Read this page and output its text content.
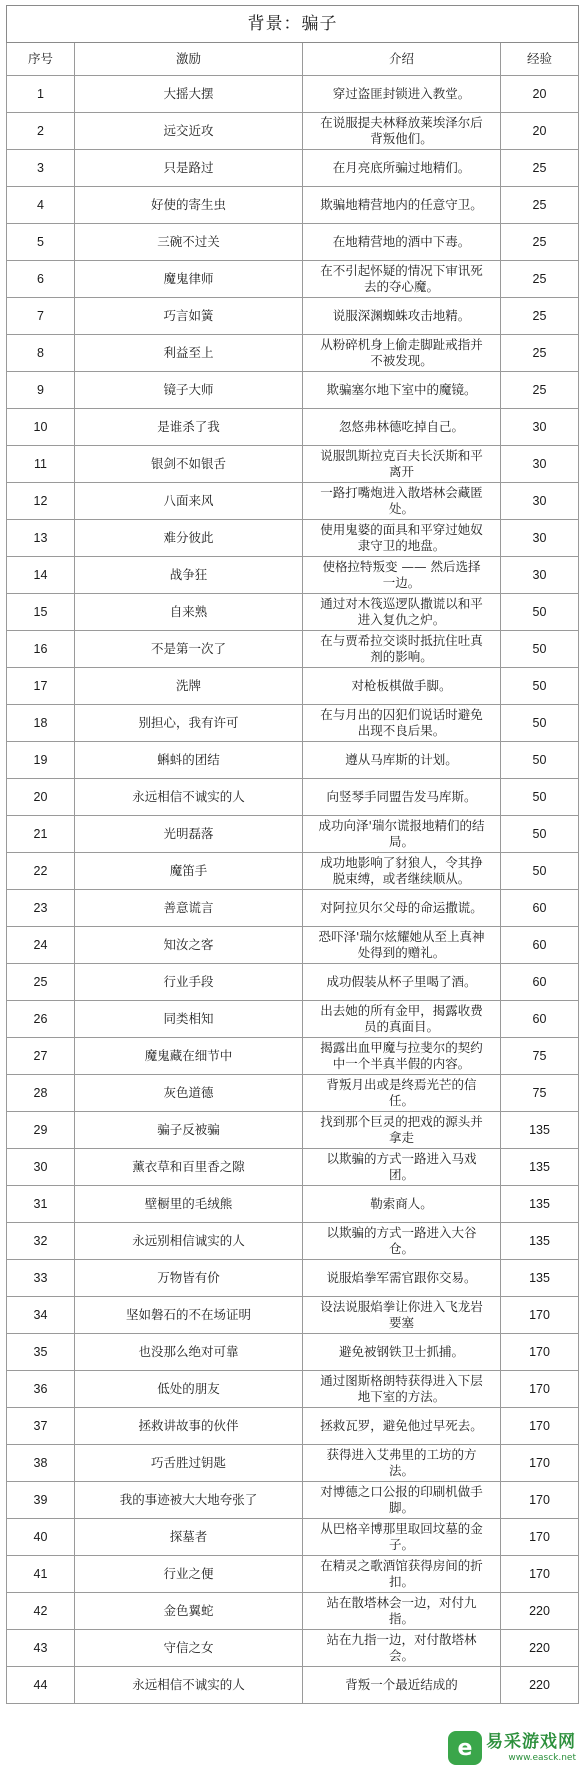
背景：骗子			
序号	激励	介绍	经验
1	大摇大摆	穿过盗匪封锁进入教堂。	20
2	远交近攻	在说服提夫林释放莱埃泽尔后背叛他们。	20
3	只是路过	在月亮底所骗过地精们。	25
4	好使的寄生虫	欺骗地精营地内的任意守卫。	25
5	三碗不过关	在地精营地的酒中下毒。	25
6	魔鬼律师	在不引起怀疑的情况下审讯死去的夺心魔。	25
7	巧言如簧	说服深渊蜘蛛攻击地精。	25
8	利益至上	从粉碎机身上偷走脚趾戒指并不被发现。	25
9	镜子大师	欺骗塞尔地下室中的魔镜。	25
10	是谁杀了我	忽悠弗林德吃掉自己。	30
11	银剑不如银舌	说服凯斯拉克百夫长沃斯和平离开	30
12	八面来风	一路打嘴炮进入散塔林会藏匿处。	30
13	难分彼此	使用鬼婆的面具和平穿过她奴隶守卫的地盘。	30
14	战争狂	使格拉特叛变 —— 然后选择一边。	30
15	自来熟	通过对木筏巡逻队撒谎以和平进入复仇之炉。	50
16	不是第一次了	在与贾希拉交谈时抵抗住吐真剂的影响。	50
17	洗牌	对枪板棋做手脚。	50
18	别担心，我有许可	在与月出的囚犯们说话时避免出现不良后果。	50
19	蝌蚪的团结	遵从马库斯的计划。	50
20	永远相信不诚实的人	向竖琴手同盟告发马库斯。	50
21	光明磊落	成功向泽'瑞尔谎报地精们的结局。	50
22	魔笛手	成功地影响了豺狼人，令其挣脱束缚，或者继续顺从。	50
23	善意谎言	对阿拉贝尔父母的命运撒谎。	60
24	知汝之客	恐吓泽'瑞尔炫耀她从至上真神处得到的赠礼。	60
25	行业手段	成功假装从杯子里喝了酒。	60
26	同类相知	出去她的所有金甲，揭露收费员的真面目。	60
27	魔鬼藏在细节中	揭露出血甲魔与拉斐尔的契约中一个半真半假的内容。	75
28	灰色道德	背叛月出或是终焉光芒的信任。	75
29	骗子反被骗	找到那个巨灵的把戏的源头并拿走	135
30	薰衣草和百里香之隙	以欺骗的方式一路进入马戏团。	135
31	壁橱里的毛绒熊	勒索商人。	135
32	永远别相信诚实的人	以欺骗的方式一路进入大谷仓。	135
33	万物皆有价	说服焰拳军需官跟你交易。	135
34	坚如磐石的不在场证明	设法说服焰拳让你进入飞龙岩要塞	170
35	也没那么绝对可靠	避免被钢铁卫士抓捕。	170
36	低处的朋友	通过图斯格朗特获得进入下层地下室的方法。	170
37	拯救讲故事的伙伴	拯救瓦罗，避免他过早死去。	170
38	巧舌胜过钥匙	获得进入艾弗里的工坊的方法。	170
39	我的事迹被大大地夸张了	对博德之口公报的印刷机做手脚。	170
40	探墓者	从巴格辛博那里取回坟墓的金子。	170
41	行业之便	在精灵之歌酒馆获得房间的折扣。	170
42	金色翼蛇	站在散塔林会一边，对付九指。	220
43	守信之女	站在九指一边，对付散塔林会。	220
44	永远相信不诚实的人	背叛一个最近结成的	220
e 易采游戏网
www.easck.net
